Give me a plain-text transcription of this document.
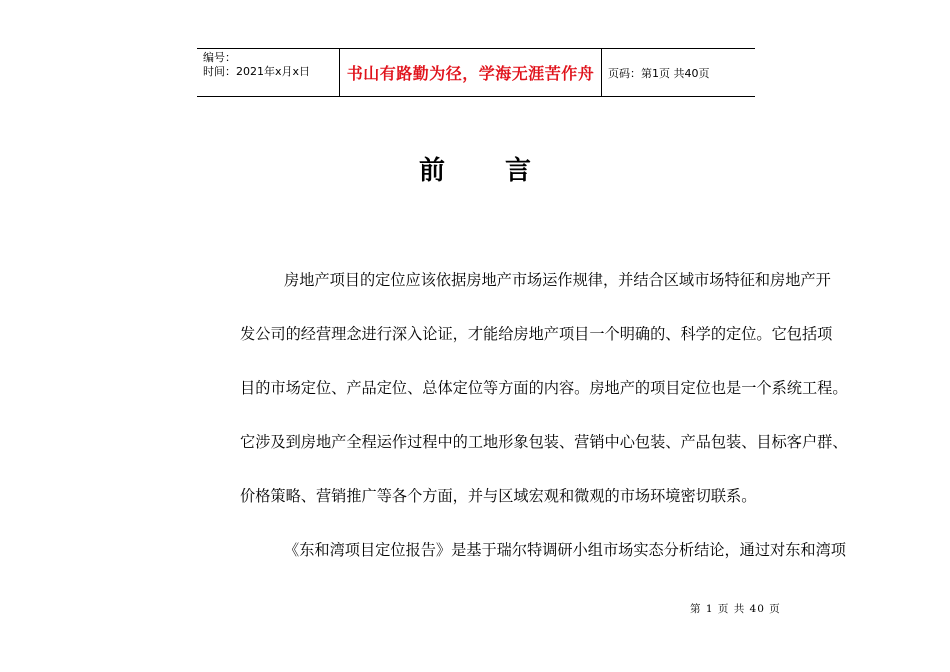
编号：
时间：2021年x月x日	书山有路勤为径，学海无涯苦作舟	页码：第1页 共40页
前言

房地产项目的定位应该依据房地产市场运作规律，并结合区域市场特征和房地产开
发公司的经营理念进行深入论证，才能给房地产项目一个明确的、科学的定位。它包括项
目的市场定位、产品定位、总体定位等方面的内容。房地产的项目定位也是一个系统工程。
它涉及到房地产全程运作过程中的工地形象包装、营销中心包装、产品包装、目标客户群、
价格策略、营销推广等各个方面，并与区域宏观和微观的市场环境密切联系。

《东和湾项目定位报告》是基于瑞尔特调研小组市场实态分析结论，通过对东和湾项

第 1 页 共 40 页
